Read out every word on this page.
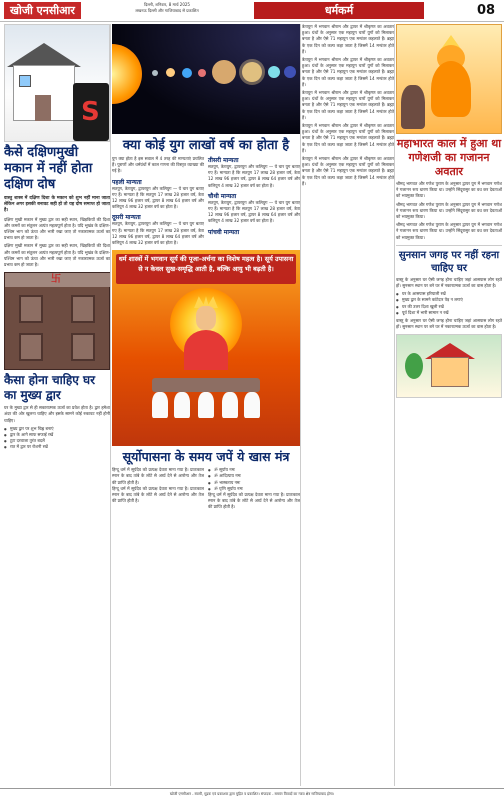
खोजी एनसीआर	दिल्ली, शनिवार, 8 मार्च 2025
लखनऊ दिल्ली और गाजियाबाद से प्रकाशित	धर्मकर्म	08
S
कैसे दक्षिणमुखी मकान में नहीं होता दक्षिण दोष
वास्तु शास्त्र में दक्षिण दिशा के मकान को शुभ नहीं माना जाता लेकिन अगर इसकी बनावट सही हो तो यह दोष समाप्त हो जाता है।
दक्षिण मुखी मकान में मुख्य द्वार का सही स्थान, खिड़कियों की दिशा और कमरों का संतुलन अत्यंत महत्वपूर्ण होता है। यदि भूखंड के दक्षिण-पश्चिम भाग को ऊंचा और भारी रखा जाए तो नकारात्मक ऊर्जा का प्रभाव कम हो जाता है।
दक्षिण मुखी मकान में मुख्य द्वार का सही स्थान, खिड़कियों की दिशा और कमरों का संतुलन अत्यंत महत्वपूर्ण होता है। यदि भूखंड के दक्षिण-पश्चिम भाग को ऊंचा और भारी रखा जाए तो नकारात्मक ऊर्जा का प्रभाव कम हो जाता है।
卐
कैसा होना चाहिए घर का मुख्य द्वार
घर के मुख्य द्वार से ही सकारात्मक ऊर्जा का प्रवेश होता है। द्वार हमेशा अंदर की ओर खुलना चाहिए और इसके सामने कोई रुकावट नहीं होनी चाहिए।
● मुख्य द्वार पर शुभ चिह्न बनाएं
● द्वार के आगे साफ सफाई रखें
● टूटा दरवाजा तुरंत बदलें
● रात में द्वार पर रोशनी रखें
क्या कोई युग लाखों वर्ष का होता है
युग क्या होता है इस सवाल में 4 तरह की मान्यताएं प्रचलित हैं। पुराणों और धर्मग्रंथों में काल गणना की विस्तृत व्याख्या की गई है।
पहली मान्यता
सतयुग, त्रेतायुग, द्वापरयुग और कलियुग — ये चार युग बताए गए हैं। मान्यता है कि सतयुग 17 लाख 28 हजार वर्ष, त्रेता 12 लाख 96 हजार वर्ष, द्वापर 8 लाख 64 हजार वर्ष और कलियुग 4 लाख 32 हजार वर्ष का होता है।
दूसरी मान्यता
सतयुग, त्रेतायुग, द्वापरयुग और कलियुग — ये चार युग बताए गए हैं। मान्यता है कि सतयुग 17 लाख 28 हजार वर्ष, त्रेता 12 लाख 96 हजार वर्ष, द्वापर 8 लाख 64 हजार वर्ष और कलियुग 4 लाख 32 हजार वर्ष का होता है।
तीसरी मान्यता
सतयुग, त्रेतायुग, द्वापरयुग और कलियुग — ये चार युग बताए गए हैं। मान्यता है कि सतयुग 17 लाख 28 हजार वर्ष, त्रेता 12 लाख 96 हजार वर्ष, द्वापर 8 लाख 64 हजार वर्ष और कलियुग 4 लाख 32 हजार वर्ष का होता है।
चौथी मान्यता
सतयुग, त्रेतायुग, द्वापरयुग और कलियुग — ये चार युग बताए गए हैं। मान्यता है कि सतयुग 17 लाख 28 हजार वर्ष, त्रेता 12 लाख 96 हजार वर्ष, द्वापर 8 लाख 64 हजार वर्ष और कलियुग 4 लाख 32 हजार वर्ष का होता है।
पांचवी मान्यता
धर्म शास्त्रों में भगवान सूर्य की पूजा-अर्चना का विशेष महत्व है। सूर्य उपासना से न केवल सुख-समृद्धि आती है, बल्कि आयु भी बढ़ती है।
सूर्योपासना के समय जपें ये खास मंत्र
हिन्दू धर्म में सूर्यदेव को प्रत्यक्ष देवता माना गया है। प्रातःकाल स्नान के बाद तांबे के लोटे से अर्घ्य देने से आरोग्य और तेज की प्राप्ति होती है।
हिन्दू धर्म में सूर्यदेव को प्रत्यक्ष देवता माना गया है। प्रातःकाल स्नान के बाद तांबे के लोटे से अर्घ्य देने से आरोग्य और तेज की प्राप्ति होती है।
● ॐ सूर्याय नमः
● ॐ आदित्याय नमः
● ॐ भास्कराय नमः
● ॐ घृणि सूर्याय नमः
हिन्दू धर्म में सूर्यदेव को प्रत्यक्ष देवता माना गया है। प्रातःकाल स्नान के बाद तांबे के लोटे से अर्घ्य देने से आरोग्य और तेज की प्राप्ति होती है।
त्रेतायुग में भगवान श्रीराम और द्वापर में श्रीकृष्ण का अवतार हुआ। ग्रंथों के अनुसार एक महायुग चारों युगों को मिलाकर बनता है और ऐसे 71 महायुग एक मन्वंतर कहलाते हैं। ब्रह्मा के एक दिन को कल्प कहा जाता है जिसमें 14 मन्वंतर होते हैं।
त्रेतायुग में भगवान श्रीराम और द्वापर में श्रीकृष्ण का अवतार हुआ। ग्रंथों के अनुसार एक महायुग चारों युगों को मिलाकर बनता है और ऐसे 71 महायुग एक मन्वंतर कहलाते हैं। ब्रह्मा के एक दिन को कल्प कहा जाता है जिसमें 14 मन्वंतर होते हैं।
त्रेतायुग में भगवान श्रीराम और द्वापर में श्रीकृष्ण का अवतार हुआ। ग्रंथों के अनुसार एक महायुग चारों युगों को मिलाकर बनता है और ऐसे 71 महायुग एक मन्वंतर कहलाते हैं। ब्रह्मा के एक दिन को कल्प कहा जाता है जिसमें 14 मन्वंतर होते हैं।
त्रेतायुग में भगवान श्रीराम और द्वापर में श्रीकृष्ण का अवतार हुआ। ग्रंथों के अनुसार एक महायुग चारों युगों को मिलाकर बनता है और ऐसे 71 महायुग एक मन्वंतर कहलाते हैं। ब्रह्मा के एक दिन को कल्प कहा जाता है जिसमें 14 मन्वंतर होते हैं।
त्रेतायुग में भगवान श्रीराम और द्वापर में श्रीकृष्ण का अवतार हुआ। ग्रंथों के अनुसार एक महायुग चारों युगों को मिलाकर बनता है और ऐसे 71 महायुग एक मन्वंतर कहलाते हैं। ब्रह्मा के एक दिन को कल्प कहा जाता है जिसमें 14 मन्वंतर होते हैं।
महाभारत काल में हुआ था गणेशजी का गजानन अवतार
श्रीमद् भागवत और गणेश पुराण के अनुसार द्वापर युग में भगवान गणेश ने गजानन रूप धारण किया था। उन्होंने सिंदूरासुर का वध कर देवताओं को भयमुक्त किया।
श्रीमद् भागवत और गणेश पुराण के अनुसार द्वापर युग में भगवान गणेश ने गजानन रूप धारण किया था। उन्होंने सिंदूरासुर का वध कर देवताओं को भयमुक्त किया।
श्रीमद् भागवत और गणेश पुराण के अनुसार द्वापर युग में भगवान गणेश ने गजानन रूप धारण किया था। उन्होंने सिंदूरासुर का वध कर देवताओं को भयमुक्त किया।
सुनसान जगह पर नहीं रहना चाहिए घर
वास्तु के अनुसार घर ऐसी जगह होना चाहिए जहां आसपास लोग रहते हों। सुनसान स्थान पर बने घर में नकारात्मक ऊर्जा का वास होता है।
● घर के आसपास हरियाली रखें
● मुख्य द्वार के सामने कांटेदार पेड़ न लगाएं
● घर की उत्तर दिशा खुली रखें
● पूर्व दिशा में भारी सामान न रखें
वास्तु के अनुसार घर ऐसी जगह होना चाहिए जहां आसपास लोग रहते हों। सुनसान स्थान पर बने घर में नकारात्मक ऊर्जा का वास होता है।
खोजी एनसीआर - स्वामी, मुद्रक एवं प्रकाशक द्वारा मुद्रित व प्रकाशित। संपादक - समस्त विवादों का न्याय क्षेत्र गाजियाबाद होगा।
